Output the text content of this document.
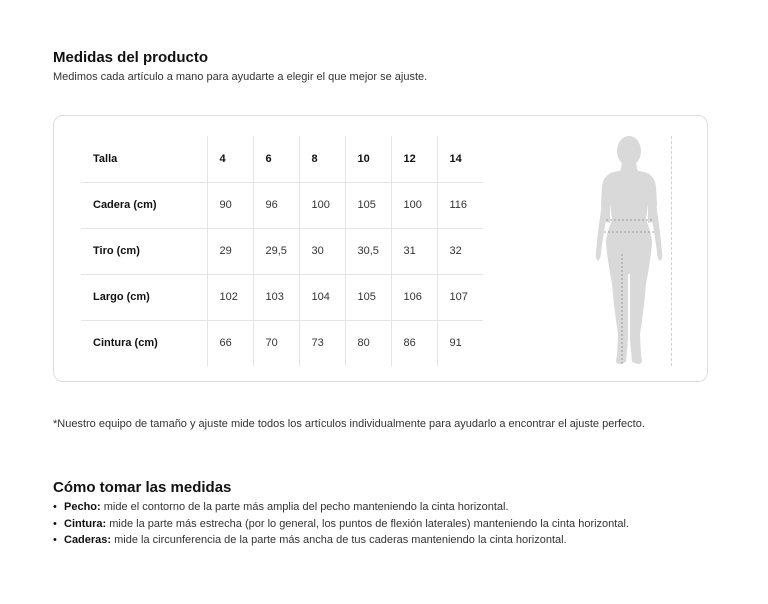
Medidas del producto
Medimos cada artículo a mano para ayudarte a elegir el que mejor se ajuste.
Talla	4	6	8	10	12	14
Cadera (cm)	90	96	100	105	100	116
Tiro (cm)	29	29,5	30	30,5	31	32
Largo (cm)	102	103	104	105	106	107
Cintura (cm)	66	70	73	80	86	91
*Nuestro equipo de tamaño y ajuste mide todos los artículos individualmente para ayudarlo a encontrar el ajuste perfecto.
Cómo tomar las medidas
• Pecho: mide el contorno de la parte más amplia del pecho manteniendo la cinta horizontal.
• Cintura: mide la parte más estrecha (por lo general, los puntos de flexión laterales) manteniendo la cinta horizontal.
• Caderas: mide la circunferencia de la parte más ancha de tus caderas manteniendo la cinta horizontal.
